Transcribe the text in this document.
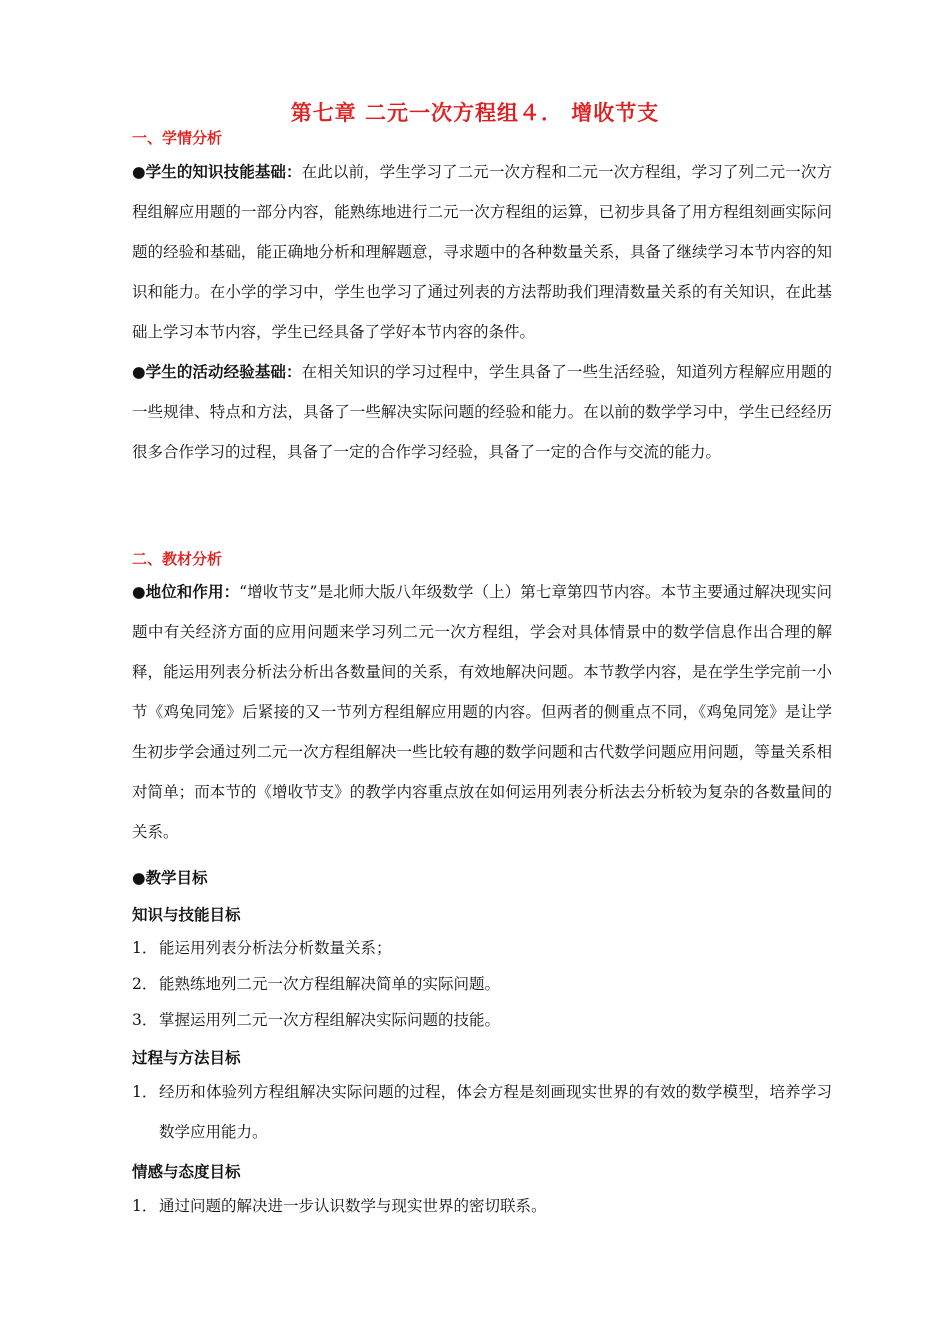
第七章 二元一次方程组４． 增收节支
一、学情分析

●学生的知识技能基础：在此以前，学生学习了二元一次方程和二元一次方程组，学习了列二元一次方程组解应用题的一部分内容，能熟练地进行二元一次方程组的运算，已初步具备了用方程组刻画实际问题的经验和基础，能正确地分析和理解题意，寻求题中的各种数量关系，具备了继续学习本节内容的知识和能力。在小学的学习中，学生也学习了通过列表的方法帮助我们理清数量关系的有关知识，在此基础上学习本节内容，学生已经具备了学好本节内容的条件。

●学生的活动经验基础：在相关知识的学习过程中，学生具备了一些生活经验，知道列方程解应用题的一些规律、特点和方法，具备了一些解决实际问题的经验和能力。在以前的数学学习中，学生已经经历很多合作学习的过程，具备了一定的合作学习经验，具备了一定的合作与交流的能力。

二、教材分析

●地位和作用：“增收节支”是北师大版八年级数学（上）第七章第四节内容。本节主要通过解决现实问题中有关经济方面的应用问题来学习列二元一次方程组，学会对具体情景中的数学信息作出合理的解释，能运用列表分析法分析出各数量间的关系，有效地解决问题。本节教学内容，是在学生学完前一小节《鸡兔同笼》后紧接的又一节列方程组解应用题的内容。但两者的侧重点不同，《鸡兔同笼》是让学生初步学会通过列二元一次方程组解决一些比较有趣的数学问题和古代数学问题应用问题，等量关系相对简单；而本节的《增收节支》的教学内容重点放在如何运用列表分析法去分析较为复杂的各数量间的关系。

●教学目标

知识与技能目标

1． 能运用列表分析法分析数量关系；
2． 能熟练地列二元一次方程组解决简单的实际问题。
3． 掌握运用列二元一次方程组解决实际问题的技能。

过程与方法目标

1． 经历和体验列方程组解决实际问题的过程，体会方程是刻画现实世界的有效的数学模型，培养学习数学应用能力。

情感与态度目标

1． 通过问题的解决进一步认识数学与现实世界的密切联系。
